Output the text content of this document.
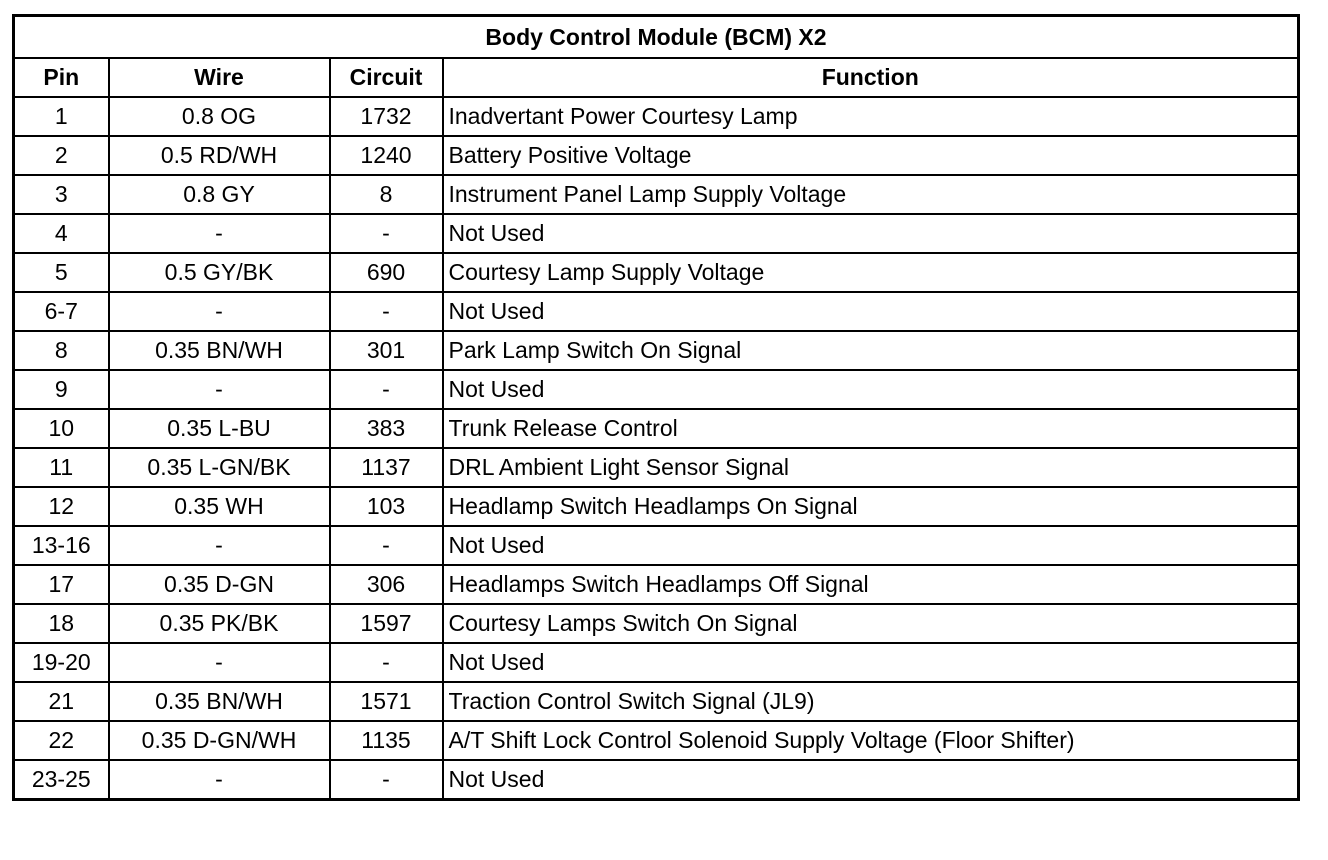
Body Control Module (BCM) X2			
Pin	Wire	Circuit	Function
1	0.8 OG	1732	Inadvertant Power Courtesy Lamp
2	0.5 RD/WH	1240	Battery Positive Voltage
3	0.8 GY	8	Instrument Panel Lamp Supply Voltage
4	-	-	Not Used
5	0.5 GY/BK	690	Courtesy Lamp Supply Voltage
6-7	-	-	Not Used
8	0.35 BN/WH	301	Park Lamp Switch On Signal
9	-	-	Not Used
10	0.35 L-BU	383	Trunk Release Control
11	0.35 L-GN/BK	1137	DRL Ambient Light Sensor Signal
12	0.35 WH	103	Headlamp Switch Headlamps On Signal
13-16	-	-	Not Used
17	0.35 D-GN	306	Headlamps Switch Headlamps Off Signal
18	0.35 PK/BK	1597	Courtesy Lamps Switch On Signal
19-20	-	-	Not Used
21	0.35 BN/WH	1571	Traction Control Switch Signal (JL9)
22	0.35 D-GN/WH	1135	A/T Shift Lock Control Solenoid Supply Voltage (Floor Shifter)
23-25	-	-	Not Used
